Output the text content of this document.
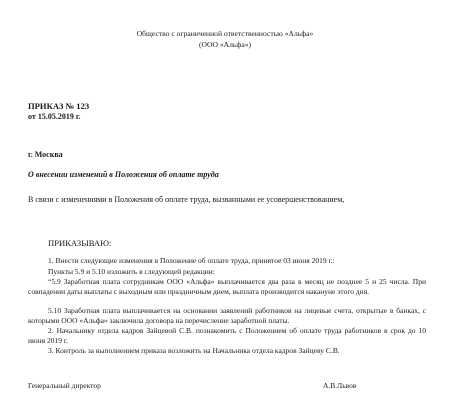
Общество с ограниченной ответственностью «Альфа»
(ООО «Альфа»)
ПРИКАЗ № 123
от 15.05.2019 г.
г. Москва
О внесении изменений в Положения об оплате труда
В связи с изменениями в Положения об оплате труда, вызванными ее усовершенствованием,
ПРИКАЗЫВАЮ:
1. Внести следующие изменения в Положение об оплате труда, принятое 03 июня 2019 г.:
Пункты 5.9 и 5.10 изложить в следующей редакции:
“5.9 Заработная плата сотрудникам ООО «Альфа» выплачивается два раза в месяц не позднее 5 и 25 числа. При совпадении даты выплаты с выходным или праздничным днем, выплата производится накануне этого дня.
5.10 Заработная плата выплачивается на основании заявлений работников на лицевые счета, открытые в банках, с которыми ООО «Альфа» заключила договора на перечисление заработной платы.
2. Начальнику отдела кадров Зайцевой С.В. познакомить с Положением об оплате труда работников в срок до 10 июня 2019 г.
3. Контроль за выполнением приказа возложить на Начальника отдела кадров Зайцеву С.В.
Генеральный директор	А.В.Львов
